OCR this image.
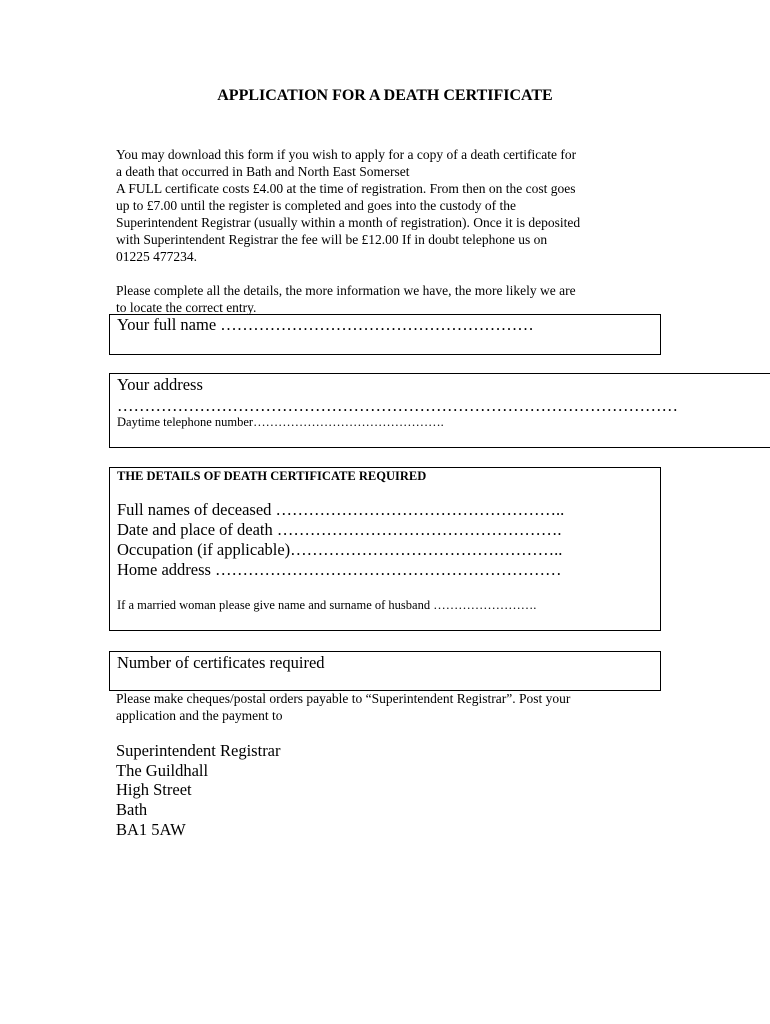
APPLICATION FOR A DEATH CERTIFICATE

You may download this form if you wish to apply for a copy of a death certificate for
a death that occurred in Bath and North East Somerset
A FULL certificate costs £4.00 at the time of registration. From then on the cost goes
up to £7.00 until the register is completed and goes into the custody of the
Superintendent Registrar (usually within a month of registration). Once it is deposited
with Superintendent Registrar the fee will be £12.00 If in doubt telephone us on
01225 477234.

Please complete all the details, the more information we have, the more likely we are
to locate the correct entry.

Your full name …………………………………………………
Your address
…………………………………………………………………………………………
Daytime telephone number……………………………………….
THE DETAILS OF DEATH CERTIFICATE REQUIRED
Full names of deceased ……………………………………………..
Date and place of death …………………………………………….
Occupation (if applicable)…………………………………………..
Home address ………………………………………………………
If a married woman please give name and surname of husband …………………….
Number of certificates required

Please make cheques/postal orders payable to “Superintendent Registrar”. Post your
application and the payment to

Superintendent Registrar
The Guildhall
High Street
Bath
BA1 5AW
